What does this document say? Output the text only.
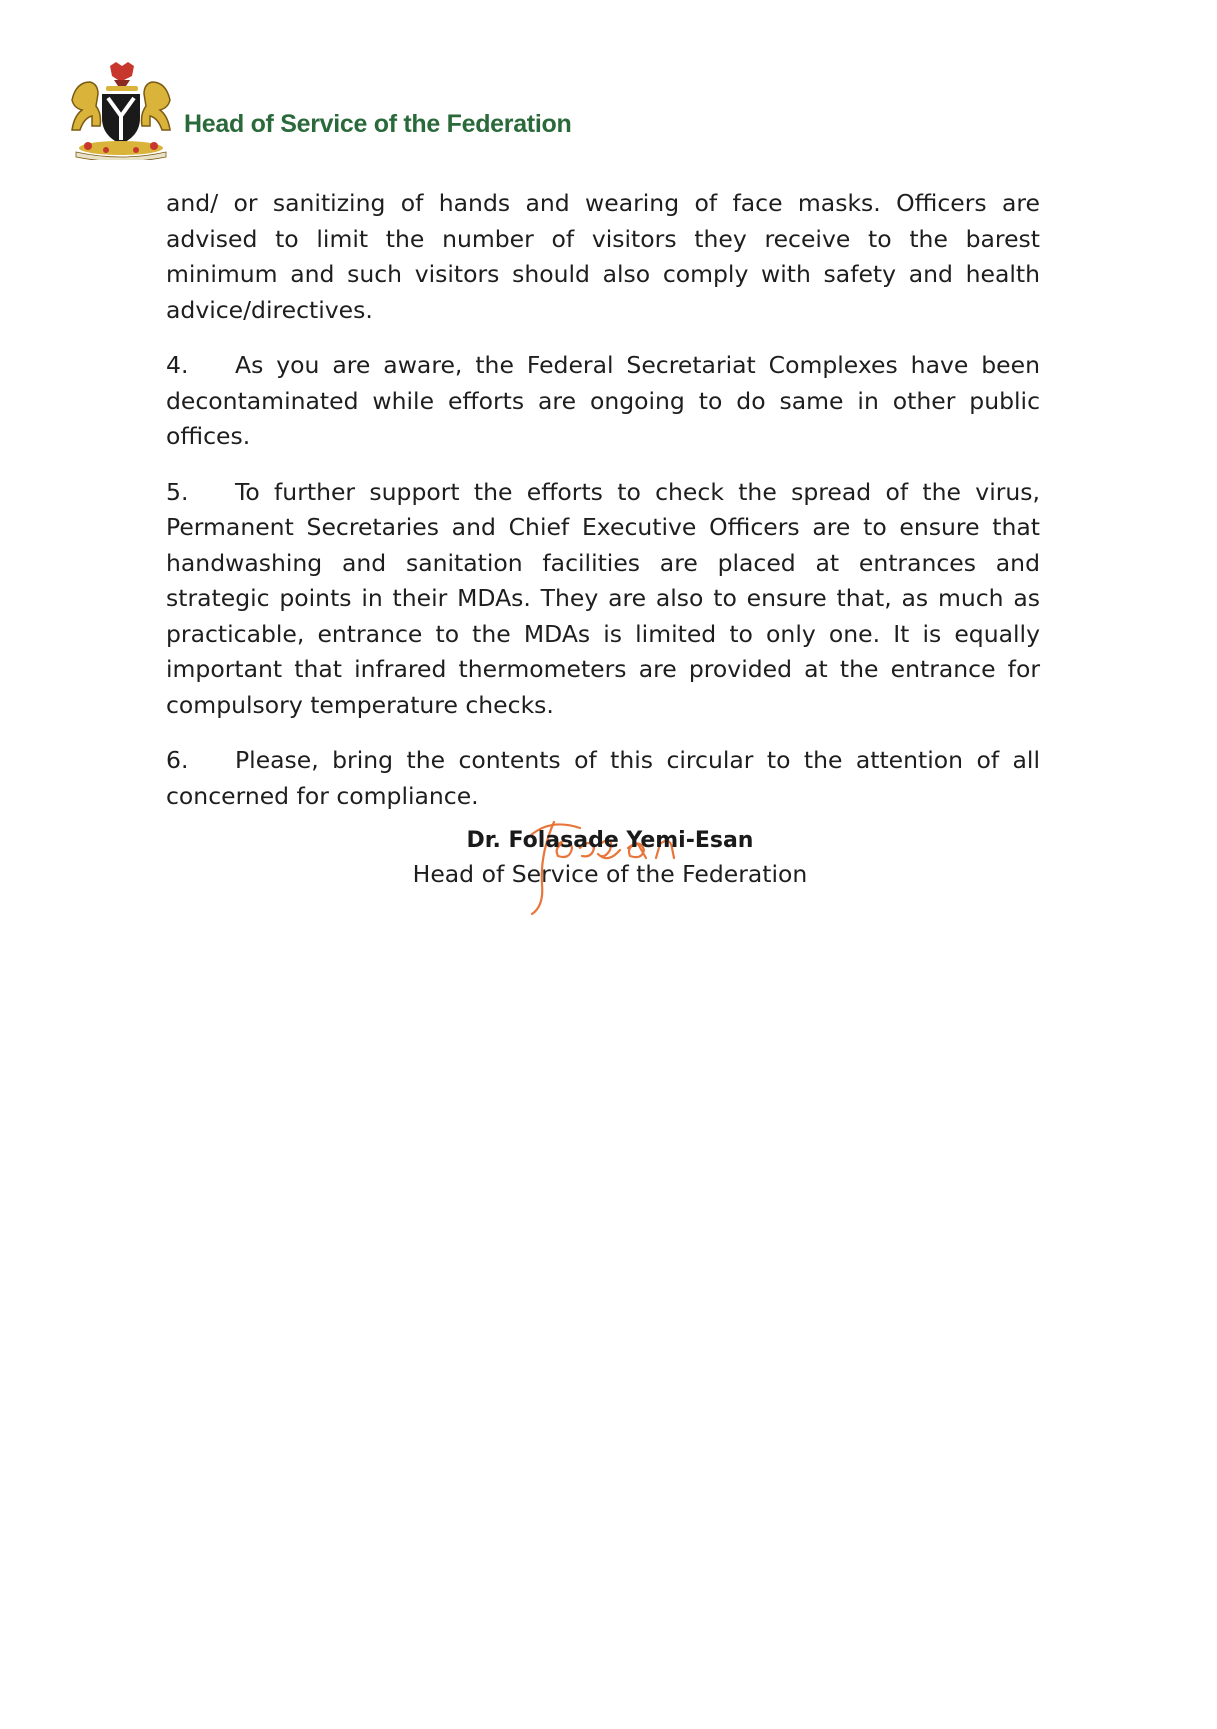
Head of Service of the Federation

and/ or sanitizing of hands and wearing of face masks. Officers are advised to limit the number of visitors they receive to the barest minimum and such visitors should also comply with safety and health advice/directives.

4. As you are aware, the Federal Secretariat Complexes have been decontaminated while efforts are ongoing to do same in other public offices.

5. To further support the efforts to check the spread of the virus, Permanent Secretaries and Chief Executive Officers are to ensure that handwashing and sanitation facilities are placed at entrances and strategic points in their MDAs. They are also to ensure that, as much as practicable, entrance to the MDAs is limited to only one. It is equally important that infrared thermometers are provided at the entrance for compulsory temperature checks.

6. Please, bring the contents of this circular to the attention of all concerned for compliance.

Dr. Folasade Yemi-Esan
Head of Service of the Federation
